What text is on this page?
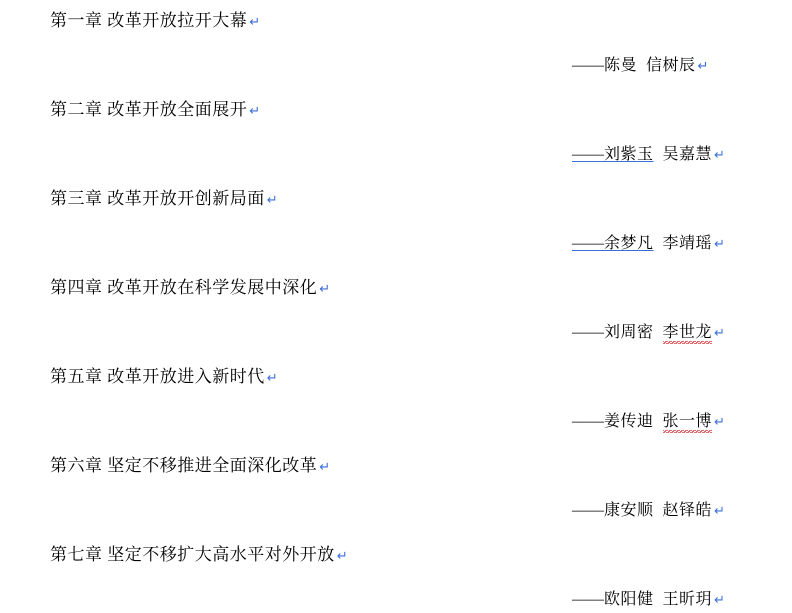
第一章 改革开放拉开大幕 ↵
——陈曼 信树辰 ↵
第二章 改革开放全面展开 ↵
——刘紫玉 吴嘉慧 ↵
第三章 改革开放开创新局面 ↵
——余梦凡 李靖瑶 ↵
第四章 改革开放在科学发展中深化 ↵
——刘周密 李世龙 ↵
第五章 改革开放进入新时代 ↵
——姜传迪 张一博 ↵
第六章 坚定不移推进全面深化改革 ↵
——康安顺 赵铎皓 ↵
第七章 坚定不移扩大高水平对外开放 ↵
——欧阳健 王昕玥 ↵
